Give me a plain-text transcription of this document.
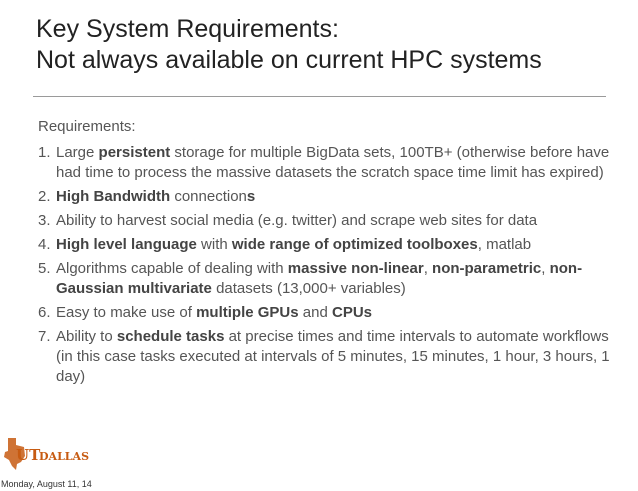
Key System Requirements:
Not always available on current HPC systems
Requirements:
1. Large persistent storage for multiple BigData sets, 100TB+ (otherwise before have had time to process the massive datasets the scratch space time limit has expired)
2. High Bandwidth connections
3. Ability to harvest social media (e.g. twitter) and scrape web sites for data
4. High level language with wide range of optimized toolboxes, matlab
5. Algorithms capable of dealing with massive non-linear, non-parametric, non-Gaussian multivariate datasets (13,000+ variables)
6. Easy to make use of multiple GPUs and CPUs
7. Ability to schedule tasks at precise times and time intervals to automate workflows (in this case tasks executed at intervals of 5 minutes, 15 minutes, 1 hour, 3 hours, 1 day)
UT
DALLAS
Monday, August 11, 14
